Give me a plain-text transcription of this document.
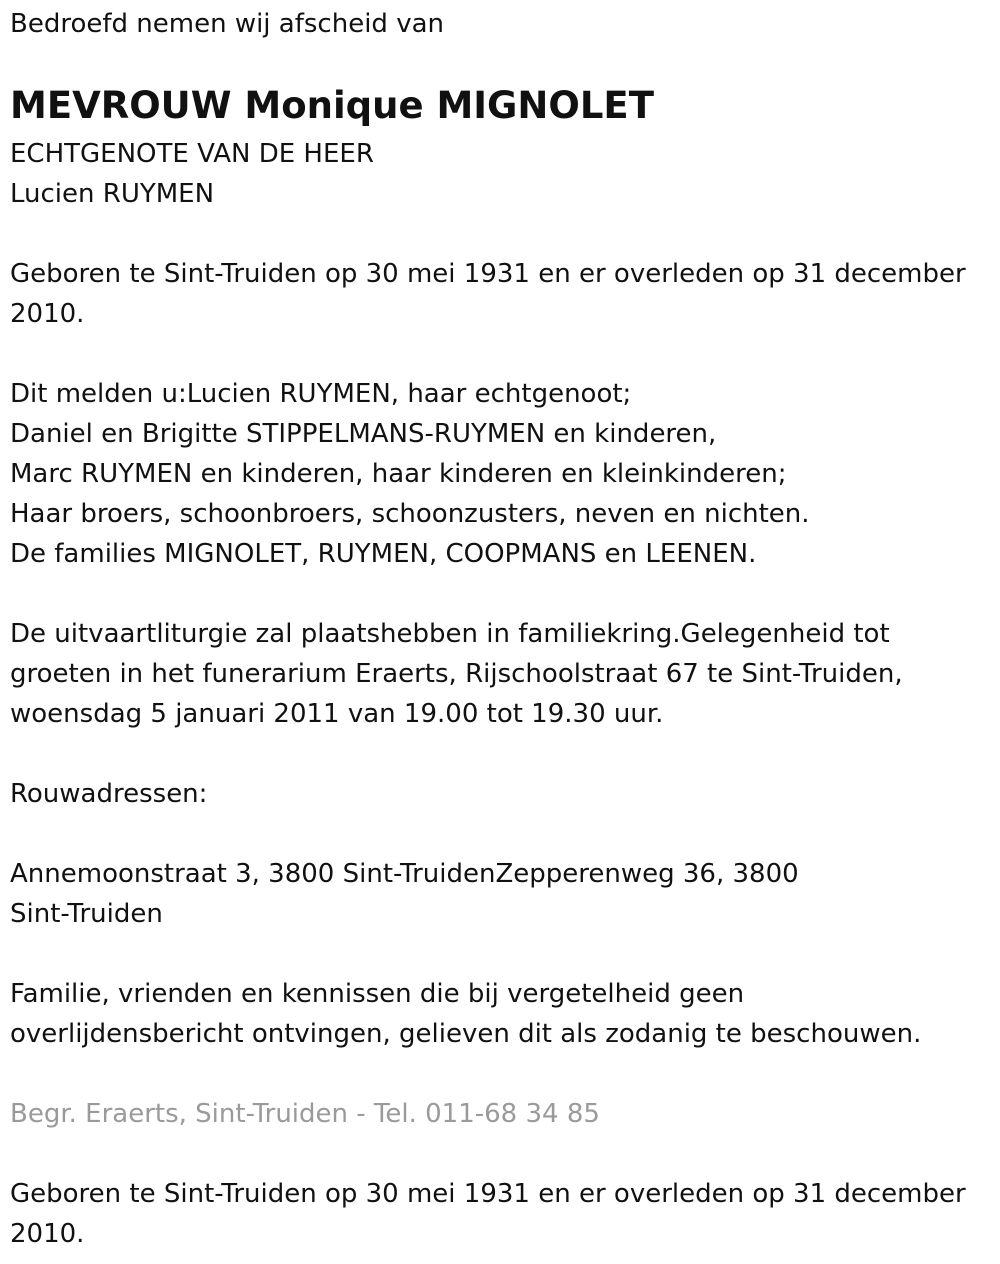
Bedroefd nemen wij afscheid van
MEVROUW Monique MIGNOLET
ECHTGENOTE VAN DE HEER
Lucien RUYMEN
Geboren te Sint-Truiden op 30 mei 1931 en er overleden op 31 december
2010.
Dit melden u:Lucien RUYMEN, haar echtgenoot;
Daniel en Brigitte STIPPELMANS-RUYMEN en kinderen,
Marc RUYMEN en kinderen, haar kinderen en kleinkinderen;
Haar broers, schoonbroers, schoonzusters, neven en nichten.
De families MIGNOLET, RUYMEN, COOPMANS en LEENEN.
De uitvaartliturgie zal plaatshebben in familiekring.Gelegenheid tot
groeten in het funerarium Eraerts, Rijschoolstraat 67 te Sint-Truiden,
woensdag 5 januari 2011 van 19.00 tot 19.30 uur.
Rouwadressen:
Annemoonstraat 3, 3800 Sint-TruidenZepperenweg 36, 3800
Sint-Truiden
Familie, vrienden en kennissen die bij vergetelheid geen
overlijdensbericht ontvingen, gelieven dit als zodanig te beschouwen.
Begr. Eraerts, Sint-Truiden - Tel. 011-68 34 85
Geboren te Sint-Truiden op 30 mei 1931 en er overleden op 31 december
2010.
